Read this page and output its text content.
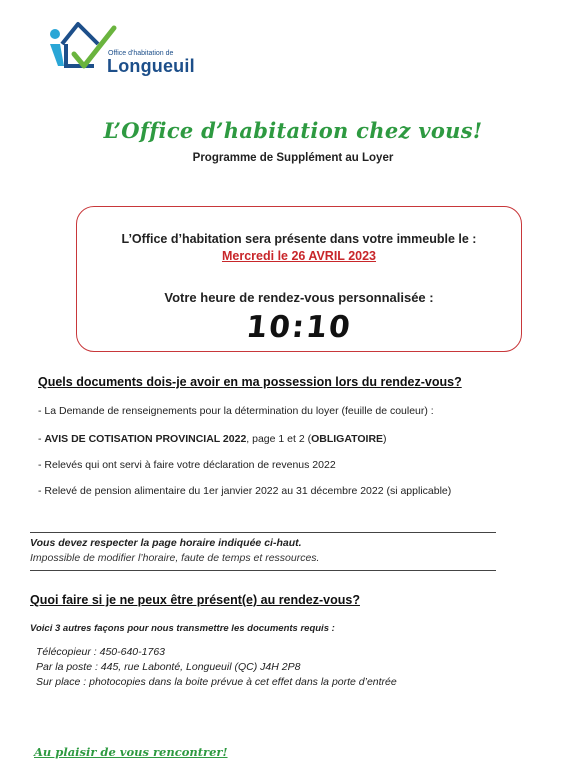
Office d'habitation de
Longueuil
L’Office d’habitation chez vous!
Programme de Supplément au Loyer
L’Office d’habitation sera présente dans votre immeuble le :
Mercredi le 26 AVRIL 2023
Votre heure de rendez-vous personnalisée :
10:10
Quels documents dois-je avoir en ma possession lors du rendez-vous?
- La Demande de renseignements pour la détermination du loyer (feuille de couleur) :
- AVIS DE COTISATION PROVINCIAL 2022, page 1 et 2 (OBLIGATOIRE)
- Relevés qui ont servi à faire votre déclaration de revenus 2022
- Relevé de pension alimentaire du 1er janvier 2022 au 31 décembre 2022 (si applicable)
Vous devez respecter la page horaire indiquée ci-haut.
Impossible de modifier l’horaire, faute de temps et ressources.
Quoi faire si je ne peux être présent(e) au rendez-vous?
Voici 3 autres façons pour nous transmettre les documents requis :
Télécopieur : 450-640-1763
Par la poste : 445, rue Labonté, Longueuil (QC) J4H 2P8
Sur place : photocopies dans la boite prévue à cet effet dans la porte d’entrée
Au plaisir de vous rencontrer!
